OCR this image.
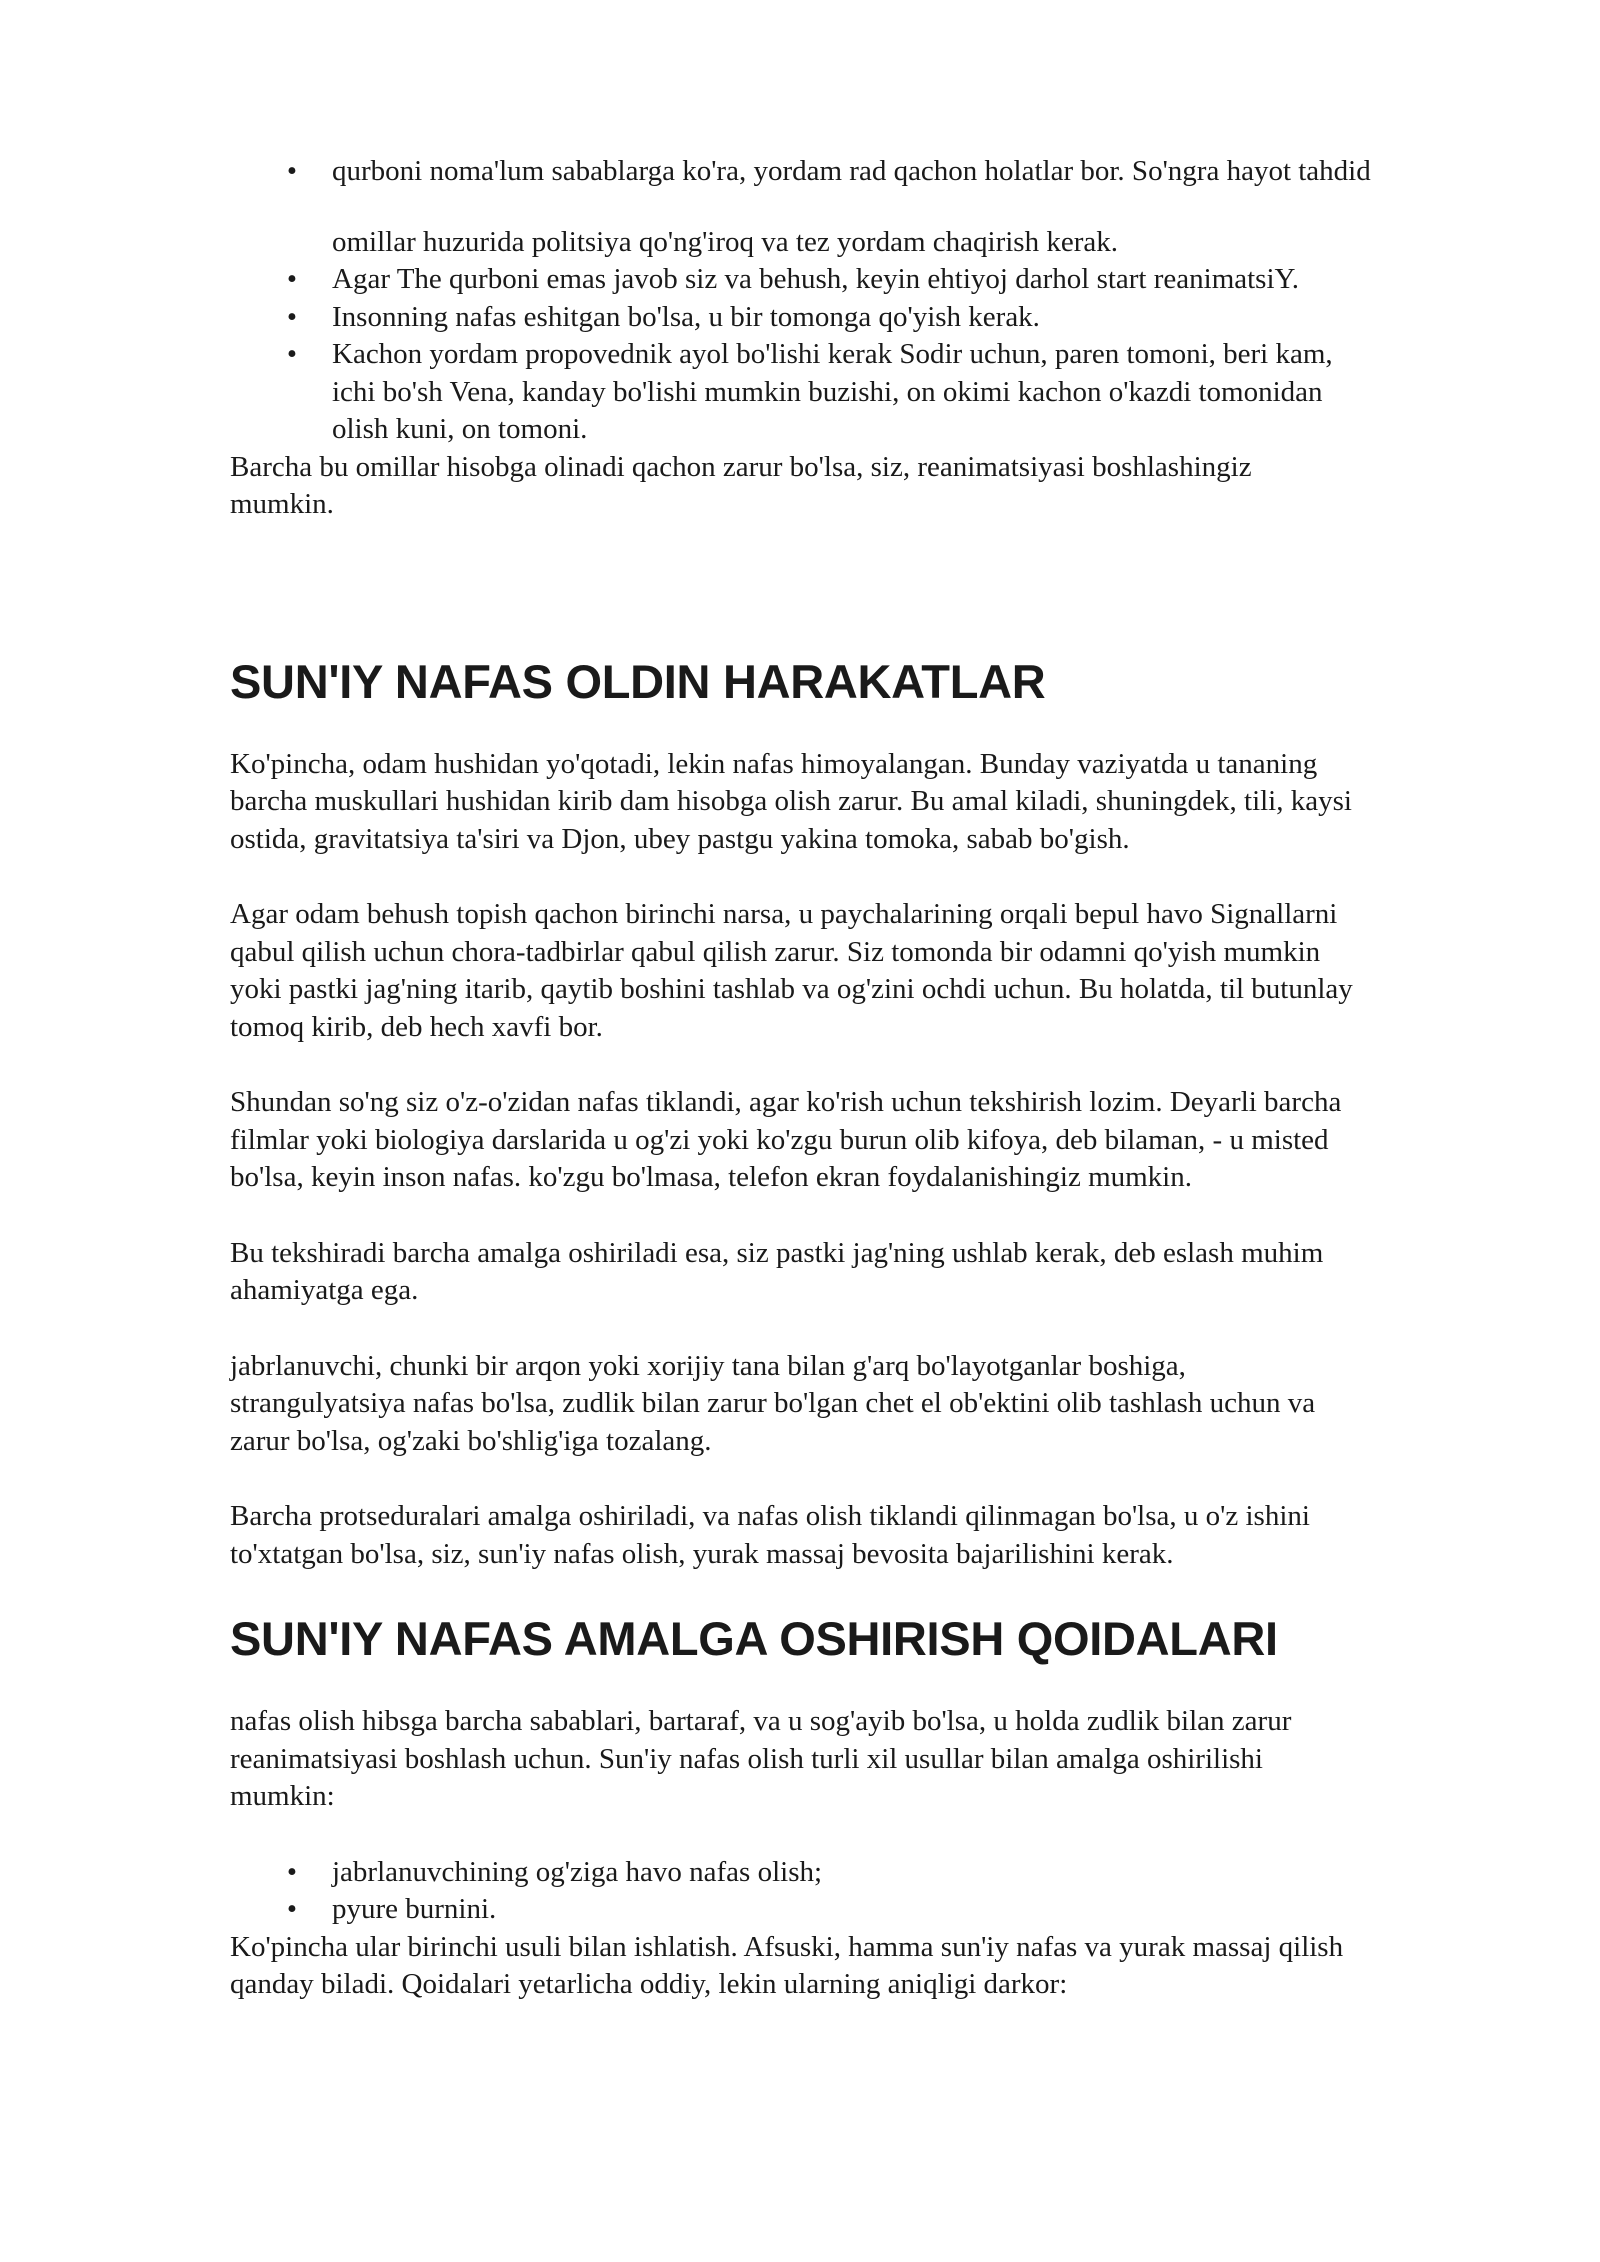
• qurboni noma'lum sabablarga ko'ra, yordam rad qachon holatlar bor. So'ngra hayot tahdid
omillar huzurida politsiya qo'ng'iroq va tez yordam chaqirish kerak.
• Agar The qurboni emas javob siz va behush, keyin ehtiyoj darhol start reanimatsiY.
• Insonning nafas eshitgan bo'lsa, u bir tomonga qo'yish kerak.
• Kachon yordam propovednik ayol bo'lishi kerak Sodir uchun, paren tomoni, beri kam,
ichi bo'sh Vena, kanday bo'lishi mumkin buzishi, on okimi kachon o'kazdi tomonidan
olish kuni, on tomoni.

Barcha bu omillar hisobga olinadi qachon zarur bo'lsa, siz, reanimatsiyasi boshlashingiz
mumkin.

SUN'IY NAFAS OLDIN HARAKATLAR

Ko'pincha, odam hushidan yo'qotadi, lekin nafas himoyalangan. Bunday vaziyatda u tananing
barcha muskullari hushidan kirib dam hisobga olish zarur. Bu amal kiladi, shuningdek, tili, kaysi
ostida, gravitatsiya ta'siri va Djon, ubey pastgu yakina tomoka, sabab bo'gish.

Agar odam behush topish qachon birinchi narsa, u paychalarining orqali bepul havo Signallarni
qabul qilish uchun chora-tadbirlar qabul qilish zarur. Siz tomonda bir odamni qo'yish mumkin
yoki pastki jag'ning itarib, qaytib boshini tashlab va og'zini ochdi uchun. Bu holatda, til butunlay
tomoq kirib, deb hech xavfi bor.

Shundan so'ng siz o'z-o'zidan nafas tiklandi, agar ko'rish uchun tekshirish lozim. Deyarli barcha
filmlar yoki biologiya darslarida u og'zi yoki ko'zgu burun olib kifoya, deb bilaman, - u misted
bo'lsa, keyin inson nafas. ko'zgu bo'lmasa, telefon ekran foydalanishingiz mumkin.

Bu tekshiradi barcha amalga oshiriladi esa, siz pastki jag'ning ushlab kerak, deb eslash muhim
ahamiyatga ega.

jabrlanuvchi, chunki bir arqon yoki xorijiy tana bilan g'arq bo'layotganlar boshiga,
strangulyatsiya nafas bo'lsa, zudlik bilan zarur bo'lgan chet el ob'ektini olib tashlash uchun va
zarur bo'lsa, og'zaki bo'shlig'iga tozalang.

Barcha protseduralari amalga oshiriladi, va nafas olish tiklandi qilinmagan bo'lsa, u o'z ishini
to'xtatgan bo'lsa, siz, sun'iy nafas olish, yurak massaj bevosita bajarilishini kerak.

SUN'IY NAFAS AMALGA OSHIRISH QOIDALARI

nafas olish hibsga barcha sabablari, bartaraf, va u sog'ayib bo'lsa, u holda zudlik bilan zarur
reanimatsiyasi boshlash uchun. Sun'iy nafas olish turli xil usullar bilan amalga oshirilishi
mumkin:

• jabrlanuvchining og'ziga havo nafas olish;
• pyure burnini.

Ko'pincha ular birinchi usuli bilan ishlatish. Afsuski, hamma sun'iy nafas va yurak massaj qilish
qanday biladi. Qoidalari yetarlicha oddiy, lekin ularning aniqligi darkor:
